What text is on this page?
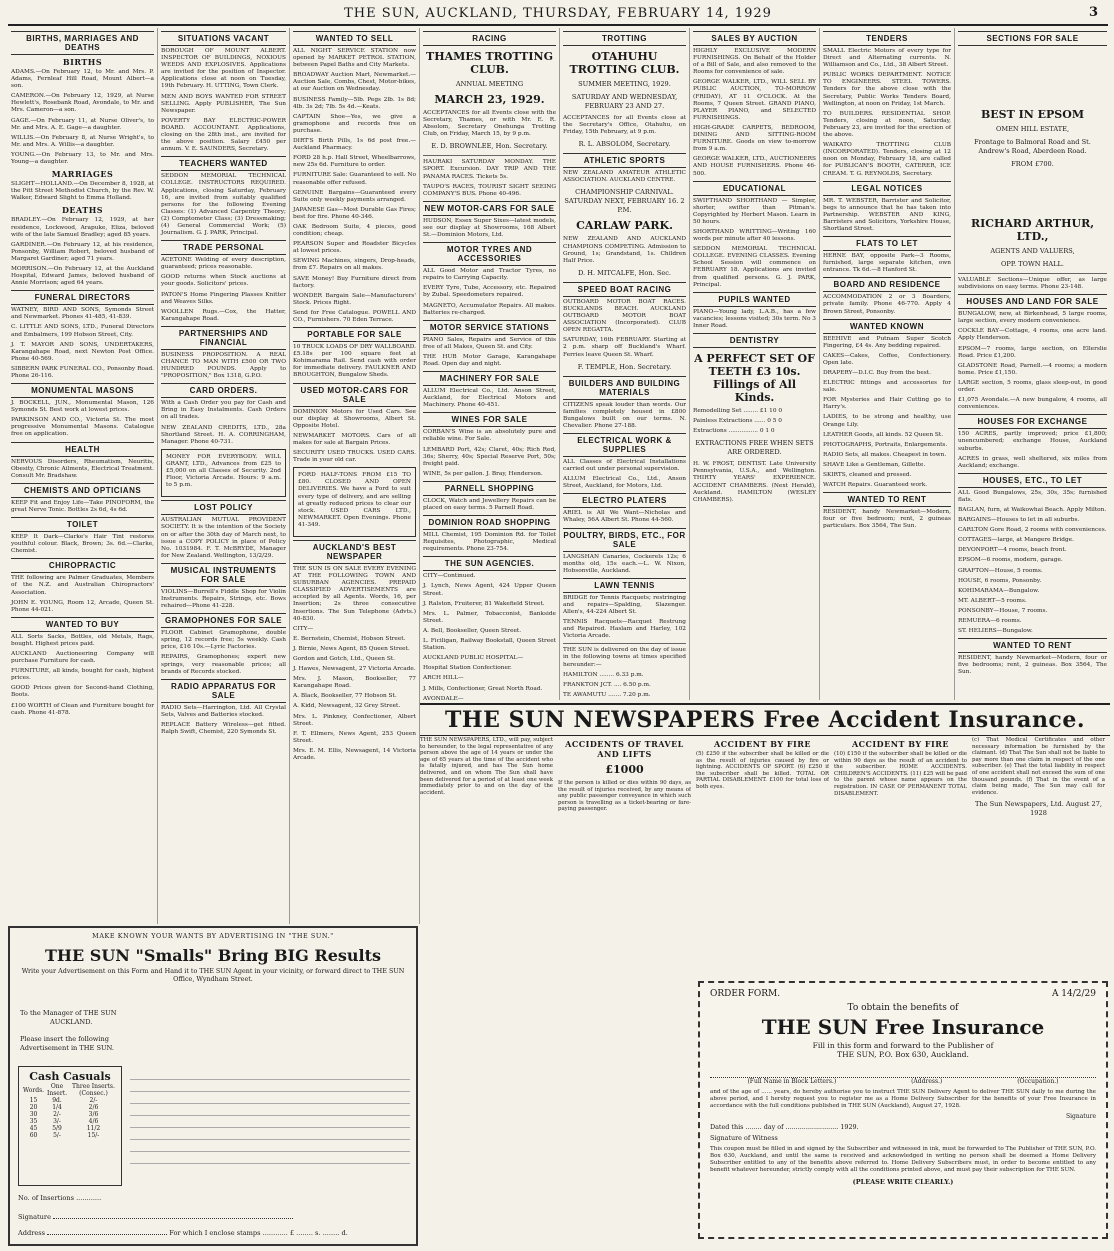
THE SUN, AUCKLAND, THURSDAY, FEBRUARY 14, 1929	3
BIRTHS, MARRIAGES AND DEATHS
BIRTHS

ADAMS.—On February 12, to Mr. and Mrs. P. Adams, Fernleaf Hill Road, Mount Albert—a son.

CAMERON.—On February 12, 1929, at Nurse Hewlett's, Rosebank Road, Avondale, to Mr. and Mrs. Cameron—a son.

GAGE.—On February 11, at Nurse Oliver's, to Mr. and Mrs. A. E. Gage—a daughter.

WILLIS.—On February 8, at Nurse Wright's, to Mr. and Mrs. A. Willis—a daughter.

YOUNG.—On February 13, to Mr. and Mrs. Young—a daughter.

MARRIAGES

SLIGHT—HOLLAND.—On December 8, 1928, at the Pitt Street Methodist Church, by the Rev. W. Walker, Edward Slight to Emma Holland.

DEATHS

BRADLEY.—On February 12, 1929, at her residence, Lockwood, Arapuke, Eliza, beloved wife of the late Samuel Bradley; aged 85 years.

GARDINER.—On February 12, at his residence, Ponsonby, William Robert, beloved husband of Margaret Gardiner; aged 71 years.

MORRISON.—On February 12, at the Auckland Hospital, Edward James, beloved husband of Annie Morrison; aged 64 years.

FUNERAL DIRECTORS

WATNEY, BIRD AND SONS, Symonds Street and Newmarket. Phones 41-485, 41-839.

C. LITTLE AND SONS, LTD., Funeral Directors and Embalmers, 199 Hobson Street, City.

J. T. MAYOR AND SONS, UNDERTAKERS, Karangahape Road, next Newton Post Office. Phone 40-569.

SIBBERN PARK FUNERAL CO., Ponsonby Road. Phone 26-116.

MONUMENTAL MASONS

J. BOCKELL, JUN., Monumental Mason, 126 Symonds St. Best work at lowest prices.

PARKINSON AND CO., Victoria St. The most progressive Monumental Masons. Catalogue free on application.

HEALTH

NERVOUS Disorders, Rheumatism, Neuritis, Obesity, Chronic Ailments, Electrical Treatment. Consult Mr. Bradshaw.

CHEMISTS AND OPTICIANS

KEEP Fit and Enjoy Life—Take PINOFORM, the great Nerve Tonic. Bottles 2s 6d, 4s 6d.

TOILET

KEEP It Dark—Clarke's Hair Tint restores youthful colour. Black, Brown; 3s. 6d.—Clarke, Chemist.

CHIROPRACTIC

THE following are Palmer Graduates, Members of the N.Z. and Australian Chiropractors' Association.

JOHN E. YOUNG, Room 12, Arcade, Queen St. Phone 44-021.

WANTED TO BUY

ALL Sorts Sacks, Bottles, old Metals, Rags, bought. Highest prices paid.

AUCKLAND Auctioneering Company will purchase Furniture for cash.

FURNITURE, all kinds, bought for cash, highest prices.

GOOD Prices given for Second-hand Clothing, Boots.

£100 WORTH of Clean and Furniture bought for cash. Phone 41-878.

SITUATIONS VACANT

BOROUGH OF MOUNT ALBERT. INSPECTOR OF BUILDINGS, NOXIOUS WEEDS AND EXPLOSIVES. Applications are invited for the position of Inspector. Applications close at noon on Tuesday, 19th February. H. UTTING, Town Clerk.

MEN AND BOYS WANTED FOR STREET SELLING. Apply PUBLISHER, The Sun Newspaper.

POVERTY BAY ELECTRIC-POWER BOARD. ACCOUNTANT. Applications, closing on the 28th inst., are invited for the above position. Salary £450 per annum. V. E. SAUNDERS, Secretary.

TEACHERS WANTED

SEDDON MEMORIAL TECHNICAL COLLEGE. INSTRUCTORS REQUIRED. Applications, closing Saturday, February 16, are invited from suitably qualified persons for the following Evening Classes: (1) Advanced Carpentry Theory; (2) Comptometer Class; (3) Dressmaking; (4) General Commercial Work; (5) Journalism. G. J. PARK, Principal.

TRADE PERSONAL

ACETONE Welding of every description, guaranteed; prices reasonable.

GOOD returns when Stock auctions at your goods. Solicitors' prices.

PATON'S Home Fingering Plasses Knitter and Weaves Silks.

WOOLLEN Rugs.—Cox, the Hatter, Karangahape Road.

PARTNERSHIPS AND FINANCIAL

BUSINESS PROPOSITION. A REAL CHANCE TO MAN WITH £500 OR TWO HUNDRED POUNDS. Apply to "PROPOSITION," Box 1318, G.P.O.

CARD ORDERS.

With a Cash Order you pay for Cash and Bring in Easy Instalments. Cash Orders on all trades.

NEW ZEALAND CREDITS, LTD., 28a Shortland Street. H. A. CORRINGHAM, Manager. Phone 40-731.

MONEY FOR EVERYBODY. WILL GRANT, LTD., Advances from £25 to £5,000 on all Classes of Security. 2nd Floor, Victoria Arcade. Hours: 9 a.m. to 5 p.m.

LOST POLICY

AUSTRALIAN MUTUAL PROVIDENT SOCIETY. It is the intention of the Society on or after the 30th day of March next, to issue a COPY POLICY in place of Policy No. 1031984. F. T. McBRYDE, Manager for New Zealand. Wellington, 13/2/29.

MUSICAL INSTRUMENTS FOR SALE

VIOLINS—Burrell's Fiddle Shop for Violin Instruments. Repairs, Strings, etc. Bows rehaired—Phone 41-228.

GRAMOPHONES FOR SALE

FLOOR Cabinet Gramophone, double spring, 12 records free; 5s weekly. Cash price, £16 10s.—Lyric Factories.

REPAIRS, Gramophones; expert new springs, very reasonable prices; all brands of Records stocked.

RADIO APPARATUS FOR SALE

RADIO Sets—Harrington, Ltd. All Crystal Sets, Valves and Batteries stocked.

REPLACE Battery Wireless—get fitted. Ralph Swift, Chemist, 220 Symonds St.

WANTED TO SELL

ALL NIGHT SERVICE STATION now opened by MARKET PETROL STATION, between Papel Baths and City Markets.

BROADWAY Auction Mart, Newmarket.—Auction Sale, Combs, Chest, Motor-bikes, at our Auction on Wednesday.

BUSINESS Family—5lb. Pegs 2lb. 1s 8d; 4lb. 3s 2d; 7lb. 5s 4d.—Keats.

CAPTAIN Shoe—Yes, we give a gramophone and records free on purchase.

DIRT'S Birth Pills, 1s 6d post free.—Auckland Pharmacy.

FORD 28 h.p. Hall Street, Wheelbarrows, new 25s 6d. Furniture to order.

FURNITURE Sale: Guaranteed to sell. No reasonable offer refused.

GENUINE Bargains—Guaranteed every Suite only weekly payments arranged.

JAPANESE Gas—Most Durable Gas Fires; best for fire. Phone 40-346.

OAK Bedroom Suite, 4 pieces, good condition; cheap.

PEARSON Super and Roadster Bicycles at lowest prices.

SEWING Machines, singers, Drop-heads, from £7. Repairs on all makes.

SAVE Money! Buy Furniture direct from factory.

WONDER Bargain Sale—Manufacturers' Stock. Prices Right.

Send for Free Catalogue. POWELL AND CO., Furnishers. 70 Eden Terrace.

PORTABLE FOR SALE

10 TRUCK LOADS OF DRY WALLBOARD. £5.18s per 100 square feet at Kohimarama Rail. Send cash with order for immediate delivery. FAULKNER AND BROUGHTON, Bungalow Sheds.

USED MOTOR-CARS FOR SALE

DOMINION Motors for Used Cars. See our display at Showrooms, Albert St. Opposite Hotel.

NEWMARKET MOTORS. Cars of all makes for sale at Bargain Prices.

SECURITY USED TRUCKS. USED CARS. Trade in your old car.

FORD HALF-TONS FROM £15 TO £80. CLOSED AND OPEN DELIVERIES. We have a Ford to suit every type of delivery, and are selling at greatly reduced prices to clear our stock. USED CARS LTD., NEWMARKET. Open Evenings. Phone 41-349.

AUCKLAND'S BEST NEWSPAPER

THE SUN IS ON SALE EVERY EVENING AT THE FOLLOWING TOWN AND SUBURBAN AGENCIES. PREPAID CLASSIFIED ADVERTISEMENTS are accepted by all Agents. Words, 16, per Insertion; 2s three consecutive Insertions. The Sun Telephone (Advts.) 40-830.

CITY—

E. Bernstein, Chemist, Hobson Street.

J. Birnie, News Agent, 85 Queen Street.

Gordon and Gotch, Ltd., Queen St.

J. Hawes, Newsagent, 27 Victoria Arcade.

Mrs. J. Mason, Bookseller, 77 Karangahape Road.

A. Black, Bookseller, 77 Hobson St.

A. Kidd, Newsagent, 32 Grey Street.

Mrs. L. Pinkney, Confectioner, Albert Street.

F. T. Ellmers, News Agent, 253 Queen Street.

Mrs. E. M. Ellis, Newsagent, 14 Victoria Arcade.

RACING
THAMES TROTTING CLUB.
ANNUAL MEETING
MARCH 23, 1929.

ACCEPTANCES for all Events close with the Secretary, Thames, or with Mr. E. R. Absolom, Secretary Onehunga Trotting Club, on Friday, March 15, by 9 p.m.

E. D. BROWNLEE, Hon. Secretary.

HAURAKI SATURDAY MONDAY. THE SPORT. Excursion. DAY TRIP AND THE PANAMA RACES. Tickets 5s.

TAUPO'S RACES, TOURIST SIGHT SEEING COMPANY'S BUS. Phone 40-496.

NEW MOTOR-CARS FOR SALE

HUDSON, Essex Super Sixes—latest models, see our display at Showrooms, 168 Albert St.—Dominion Motors, Ltd.

MOTOR TYRES AND ACCESSORIES

ALL Good Motor and Tractor Tyres, no repairs to Carrying Capacity.

EVERY Tyre, Tube, Accessory, etc. Repaired by Zubal. Speedometers repaired.

MAGNETO, Accumulator Repairs. All makes. Batteries re-charged.

MOTOR SERVICE STATIONS

PIANO Sales, Repairs and Service of this free of all Makes, Queen St. and City.

THE HUB Motor Garage, Karangahape Road. Open day and night.

MACHINERY FOR SALE

ALLUM Electrical Co., Ltd. Anson Street, Auckland, for Electrical Motors and Machinery. Phone 40-451.

WINES FOR SALE

CORBAN'S Wine is an absolutely pure and reliable wine. For Sale.

LEMBARD Port, 42s; Claret, 40s; Rich Red, 36s; Sherry, 40s; Special Reserve Port, 50s; freight paid.

WINE, 5s per gallon. J. Bray, Henderson.

PARNELL SHOPPING

CLOCK, Watch and Jewellery Repairs can be placed on easy terms. 5 Parnell Road.

DOMINION ROAD SHOPPING

MILL Chemist, 195 Dominion Rd. for Toilet Requisites, Photographic, Medical requirements. Phone 23-754.

THE SUN AGENCIES.

CITY—Continued.

J. Lynch, News Agent, 424 Upper Queen Street.

J. Ralston, Fruiterer, 81 Wakefield Street.

Mrs. L. Palmer, Tobacconist, Bankside Street.

A. Bell, Bookseller, Queen Street.

L. Ficiligan, Railway Bookstall, Queen Street Station.

AUCKLAND PUBLIC HOSPITAL—

Hospital Station Confectioner.

ARCH HILL—

J. Mills, Confectioner, Great North Road.

AVONDALE—

TROTTING
OTAHUHU TROTTING CLUB.
SUMMER MEETING, 1929.
SATURDAY AND WEDNESDAY, FEBRUARY 23 AND 27.

ACCEPTANCES for all Events close at the Secretary's Office, Otahuhu, on Friday, 15th February, at 9 p.m.

R. L. ABSOLOM, Secretary.
ATHLETIC SPORTS

NEW ZEALAND AMATEUR ATHLETIC ASSOCIATION. AUCKLAND CENTRE.

CHAMPIONSHIP CARNIVAL. SATURDAY NEXT, FEBRUARY 16. 2 P.M.
CARLAW PARK.

NEW ZEALAND AND AUCKLAND CHAMPIONS COMPETING. Admission to Ground, 1s; Grandstand, 1s. Children Half Price.

D. H. MITCALFE, Hon. Sec.
SPEED BOAT RACING

OUTBOARD MOTOR BOAT RACES. BUCKLANDS BEACH. AUCKLAND OUTBOARD MOTOR BOAT ASSOCIATION (Incorporated). CLUB OPEN REGATTA.

SATURDAY, 16th FEBRUARY. Starting at 2 p.m. sharp off Buckland's Wharf. Ferries leave Queen St. Wharf.

F. TEMPLE, Hon. Secretary.
BUILDERS AND BUILDING MATERIALS

CITIZENS speak louder than words. Our families completely housed in £800 Bungalows built on our terms. N. Chevalier. Phone 27-188.

ELECTRICAL WORK & SUPPLIES

ALL Classes of Electrical Installations carried out under personal supervision.

ALLUM Electrical Co., Ltd., Anson Street, Auckland, for Motors, Ltd.

ELECTRO PLATERS

ARIEL is All We Want—Nicholas and Whaley, 56A Albert St. Phone 44-560.

POULTRY, BIRDS, ETC., FOR SALE

LANGSHAN Canaries, Cockerels 12s; 6 months old, 15s each.—L. W. Nixon, Hobsonville, Auckland.

LAWN TENNIS

BRIDGE for Tennis Racquets; restringing and repairs—Spalding, Slazenger. Allen's, 44-224 Albert St.

TENNIS Racquets—Racquet Restrung and Repaired. Haslam and Harley, 102 Victoria Arcade.

THE SUN is delivered on the day of issue in the following towns at times specified hereunder:—

HAMILTON ........ 6.33 p.m.

FRANKTON JCT. .... 6.50 p.m.

TE AWAMUTU ....... 7.20 p.m.

SALES BY AUCTION

HIGHLY EXCLUSIVE MODERN FURNISHINGS. On Behalf of the Holder of a Bill of Sale, and also removed to the Rooms for convenience of sale.

GEORGE WALKER, LTD., WILL SELL BY PUBLIC AUCTION, TO-MORROW (FRIDAY), AT 11 O'CLOCK. At the Rooms, 7 Queen Street. GRAND PIANO, PLAYER PIANO, and SELECTED FURNISHINGS.

HIGH-GRADE CARPETS, BEDROOM, DINING AND SITTING-ROOM FURNITURE. Goods on view to-morrow from 9 a.m.

GEORGE WALKER, LTD., AUCTIONEERS AND HOUSE FURNISHERS. Phone 46-500.

EDUCATIONAL

SWIFTHAND SHORTHAND — Simpler, shorter, swifter than Pitman's. Copyrighted by Herbert Mason. Learn in 50 hours.

SHORTHAND WRITTING—Writing 160 words per minute after 40 lessons.

SEDDON MEMORIAL TECHNICAL COLLEGE. EVENING CLASSES. Evening School Session will commence on FEBRUARY 18. Applications are invited from qualified persons. G. J. PARK, Principal.

PUPILS WANTED

PIANO—Young lady, L.A.B., has a few vacancies; lessons visited; 30s term. No 3 Inner Road.

DENTISTRY
A PERFECT SET OF TEETH £3 10s. Fillings of All Kinds.

Remodelling Set ........ £1 10 0

Painless Extractions ...... 0 5 0

Extractions ................ 0 1 0

EXTRACTIONS FREE WHEN SETS ARE ORDERED.

H. W. FROST, DENTIST. Late University Pennsylvania, U.S.A., and Wellington. THIRTY YEARS' EXPERIENCE. ACCIDENT CHAMBERS. (Next Herald), Auckland. HAMILTON (WESLEY CHAMBERS).

TENDERS

SMALL Electric Motors of every type for Direct and Alternating currents. N. Williamson and Co., Ltd., 38 Albert Street.

PUBLIC WORKS DEPARTMENT. NOTICE TO ENGINEERS. STEEL TOWERS. Tenders for the above close with the Secretary, Public Works Tenders Board, Wellington, at noon on Friday, 1st March.

TO BUILDERS. RESIDENTIAL SHOP. Tenders, closing at noon, Saturday, February 23, are invited for the erection of the above.

WAIKATO TROTTING CLUB (INCORPORATED). Tenders, closing at 12 noon on Monday, February 18, are called for PUBLICAN'S BOOTH, CATERER, ICE CREAM. T. G. REYNOLDS, Secretary.

LEGAL NOTICES

MR. T. WEBSTER, Barrister and Solicitor, begs to announce that he has taken into Partnership. WEBSTER AND KING, Barristers and Solicitors, Yorkshire House, Shortland Street.

FLATS TO LET

HERNE BAY, opposite Park—3 Rooms, furnished, large separate kitchen, own entrance. Tk 6d.—8 Hanford St.

BOARD AND RESIDENCE

ACCOMMODATION 2 or 3 Boarders, private family. Phone 46-770. Apply 4 Brown Street, Ponsonby.

WANTED KNOWN

BEEHIVE and Putnam Super Scotch Fingering, £4 4s. Any bedding repaired.

CAKES—Cakes, Coffee, Confectionery. Open late.

DRAPERY—D.I.C. Buy from the best.

ELECTRIC fittings and accessories for sale.

FOR Mysteries and Hair Cutting go to Harry's.

LADIES, to be strong and healthy, use Orange Lily.

LEATHER Goods, all kinds. 52 Queen St.

PHOTOGRAPHS, Portraits, Enlargements.

RADIO Sets, all makes. Cheapest in town.

SHAVE Like a Gentleman, Gillette.

SKIRTS, cleaned and pressed.

WATCH Repairs. Guaranteed work.

WANTED TO RENT

RESIDENT, handy Newmarket—Modern, four or five bedroom; rent, 2 guineas particulars. Box 3564, The Sun.

SECTIONS FOR SALE
BEST IN EPSOM
OMEN HILL ESTATE,
Frontage to Balmoral Road and St. Andrew's Road, Aberdeen Road.
FROM £700.
RICHARD ARTHUR, LTD.,
AGENTS AND VALUERS,
OPP. TOWN HALL.

VALUABLE Sections—Unique offer, as large subdivisions on easy terms. Phone 23-148.

HOUSES AND LAND FOR SALE

BUNGALOW, new, at Birkenhead, 5 large rooms, large section, every modern convenience.

COCKLE BAY—Cottage, 4 rooms, one acre land. Apply Henderson.

EPSOM—7 rooms, large section, on Ellerslie Road. Price £1,200.

GLADSTONE Road, Parnell.—4 rooms; a modern home. Price £1,150.

LARGE section, 5 rooms, glass sleep-out, in good order.

£1,075 Avondale.—A new bungalow, 4 rooms, all conveniences.

HOUSES FOR EXCHANGE

150 ACRES, partly improved; price £1,800; unencumbered; exchange House, Auckland suburbs.

ACRES in grass, well sheltered, six miles from Auckland; exchange.

HOUSES, ETC., TO LET

ALL Good Bungalows, 25s, 30s, 35s; furnished flats.

BAGLAN, furn, at Waikowhai Beach. Apply Milton.

BARGAINS—Houses to let in all suburbs.

CARLTON Gore Road, 2 rooms with conveniences.

COTTAGES—large, at Mangere Bridge.

DEVONPORT—4 rooms, beach front.

EPSOM—6 rooms, modern, garage.

GRAFTON—House, 5 rooms.

HOUSE, 6 rooms, Ponsonby.

KOHIMARAMA—Bungalow.

MT. ALBERT—5 rooms.

PONSONBY—House, 7 rooms.

REMUERA—6 rooms.

ST. HELIERS—Bungalow.

WANTED TO RENT

RESIDENT, handy Newmarket—Modern, four or five bedrooms; rent, 2 guineas. Box 3564, The Sun.

THE SUN NEWSPAPERS Free Accident Insurance.

THE SUN NEWSPAPERS, LTD., will pay, subject to hereunder, to the legal representative of any person above the age of 14 years or under the age of 65 years at the time of the accident who is fatally injured, and has The Sun home delivered, and on whom The Sun shall have been delivered for a period of at least one week immediately prior to and on the day of the accident.

ACCIDENTS OF TRAVEL AND LIFTS
£1000

If the person is killed or dies within 90 days, as the result of injuries received, by any means of any public passenger conveyance in which such person is travelling as a ticket-bearing or fare-paying passenger.

ACCIDENT BY FIRE

(5) £250 if the subscriber shall be killed or die as the result of injuries caused by fire or lightning. ACCIDENTS OF SPORT. (6) £250 if the subscriber shall be killed. TOTAL OR PARTIAL DISABLEMENT. £100 for total loss of both eyes.

ACCIDENT BY FIRE

(10) £150 if the subscriber shall be killed or die within 90 days as the result of an accident to the subscriber. HOME ACCIDENTS. CHILDREN'S ACCIDENTS. (11) £25 will be paid to the parent whose name appears on the registration. IN CASE OF PERMANENT TOTAL DISABLEMENT.

(c) That Medical Certificates and other necessary information be furnished by the claimant. (d) That The Sun shall not be liable to pay more than one claim in respect of the one subscriber. (e) That the total liability in respect of one accident shall not exceed the sum of one thousand pounds. (f) That in the event of a claim being made, The Sun may call for evidence.

The Sun Newspapers, Ltd. August 27, 1928
ORDER FORM.	A 14/2/29
To obtain the benefits of
THE SUN Free Insurance
Fill in this form and forward to the Publisher of
THE SUN, P.O. Box 630, Auckland.
(Full Name in Block Letters.)	(Address.)	(Occupation.)
and of the age of ...... years, do hereby authorise you to instruct THE SUN Delivery Agent to deliver THE SUN daily to me during the above period, and I hereby request you to register me as a Home Delivery Subscriber for the benefits of your Free Insurance in accordance with the full conditions published in THE SUN (Auckland), August 27, 1928.
Signature
Dated this ........ day of .......................... 1929.
Signature of Witness
This coupon must be filled in and signed by the Subscriber and witnessed in ink, must be forwarded to The Publisher of THE SUN, P.O. Box 630, Auckland, and until the same is received and acknowledged in writing no person shall be deemed a Home Delivery Subscriber entitled to any of the benefits above referred to. Home Delivery Subscribers must, in order to become entitled to any benefit whatever hereunder, strictly comply with all the conditions printed above, and must pay their subscription for THE SUN.
(PLEASE WRITE CLEARLY.)
MAKE KNOWN YOUR WANTS BY ADVERTISING IN "THE SUN."
THE SUN "Smalls" Bring BIG Results
Write your Advertisement on this Form and Hand it to THE SUN Agent in your vicinity, or forward direct to THE SUN Office, Wyndham Street.
To the Manager of THE SUN
AUCKLAND.
Please insert the following
Advertisement in THE SUN.
Cash Casuals
Words.	One Insert.	Three Inserts. (Consec.)
15	9d.	2/-
20	1/4	2/6
30	2/-	3/6
35	3/-	4/6
45	5/9	11/2
60	5/-	15/-
No. of Insertions ............
Signature
Address	For which I enclose stamps ............ £ ........ s. ........ d.
